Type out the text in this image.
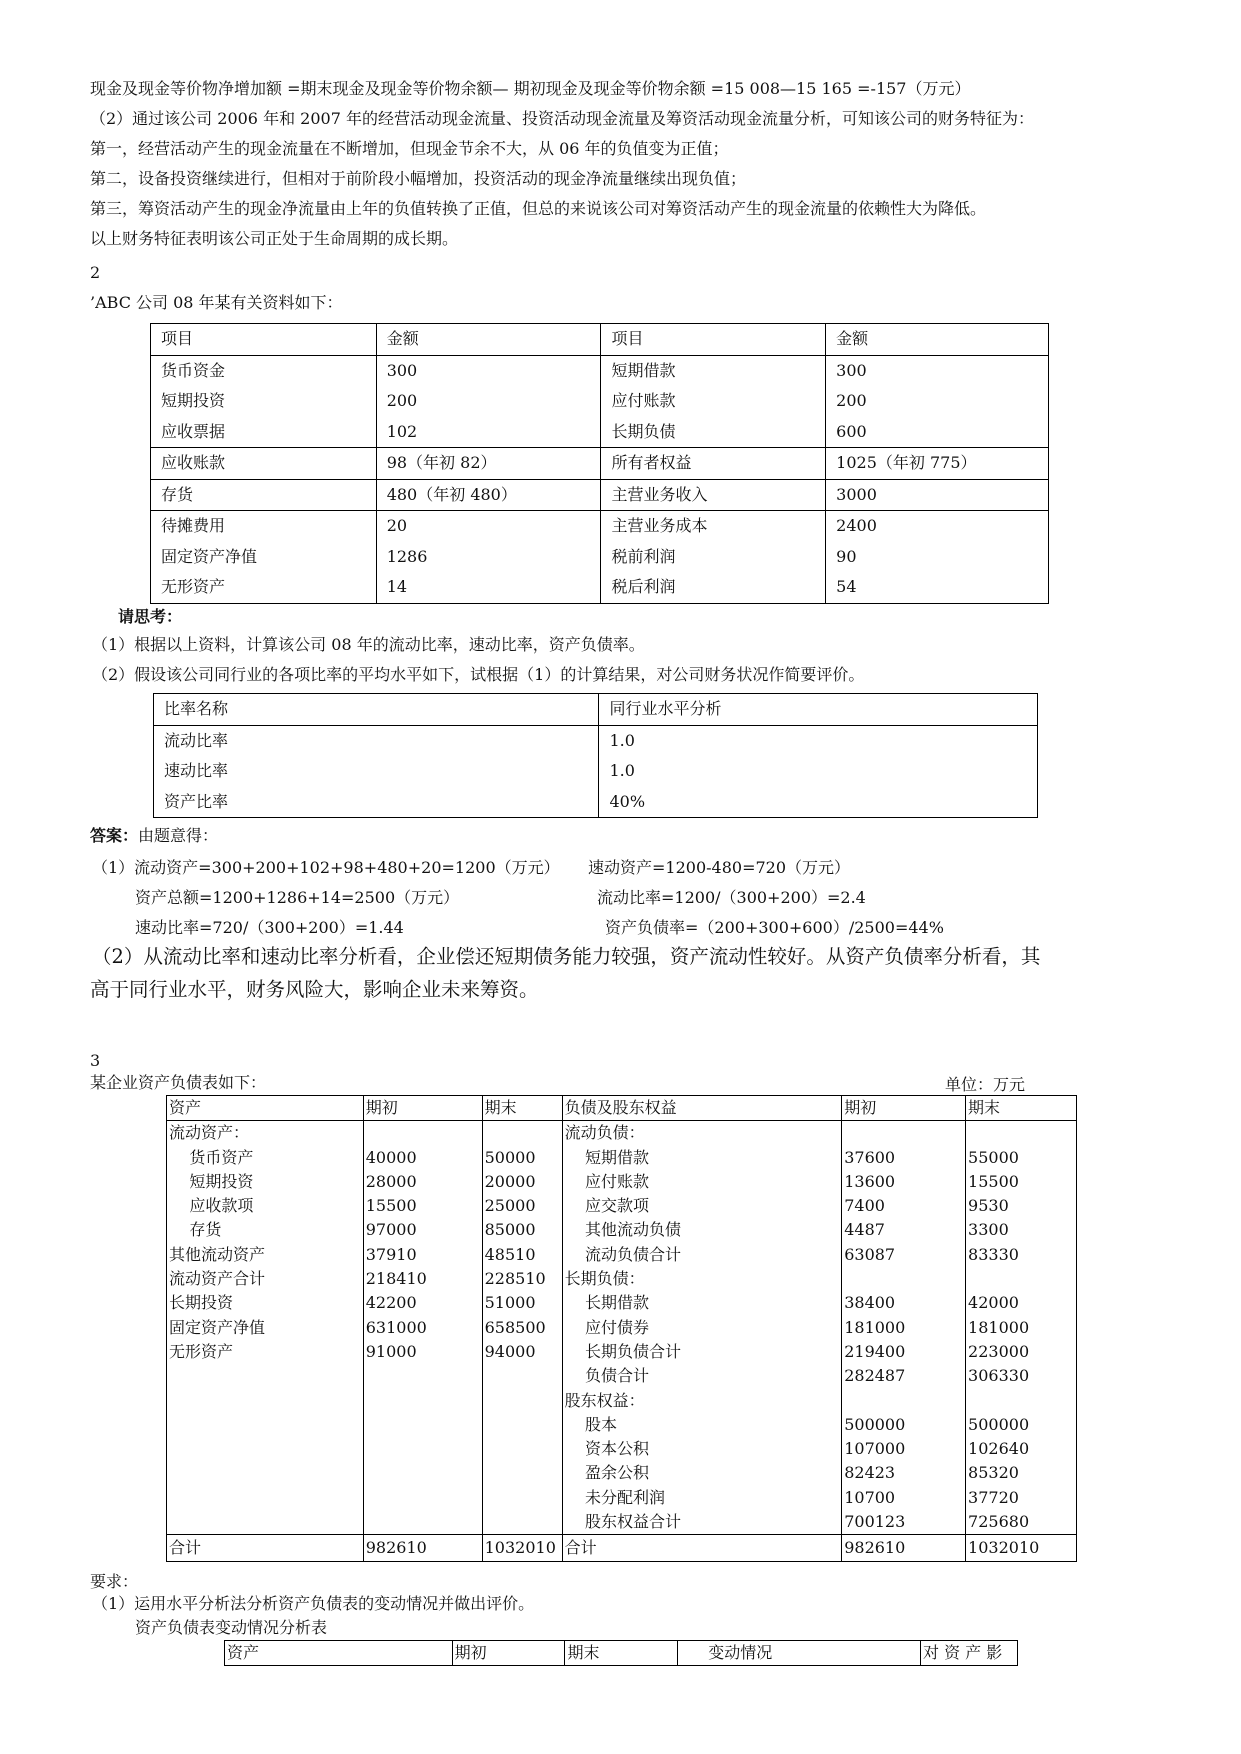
现金及现金等价物净增加额 =期末现金及现金等价物余额— 期初现金及现金等价物余额 =15 008—15 165 =-157（万元）
（2）通过该公司 2006 年和 2007 年的经营活动现金流量、投资活动现金流量及筹资活动现金流量分析，可知该公司的财务特征为：
第一，经营活动产生的现金流量在不断增加，但现金节余不大，从 06 年的负值变为正值；
第二，设备投资继续进行，但相对于前阶段小幅增加，投资活动的现金净流量继续出现负值；
第三，筹资活动产生的现金净流量由上年的负值转换了正值，但总的来说该公司对筹资活动产生的现金流量的依赖性大为降低。
以上财务特征表明该公司正处于生命周期的成长期。
2
’ABC 公司 08 年某有关资料如下：
项目	金额	项目	金额
货币资金	300	短期借款	300
短期投资	200	应付账款	200
应收票据	102	长期负债	600
应收账款	98（年初 82）	所有者权益	1025（年初 775）
存货	480（年初 480）	主营业务收入	3000
待摊费用	20	主营业务成本	2400
固定资产净值	1286	税前利润	90
无形资产	14	税后利润	54
请思考：
（1）根据以上资料，计算该公司 08 年的流动比率，速动比率，资产负债率。
（2）假设该公司同行业的各项比率的平均水平如下，试根据（1）的计算结果，对公司财务状况作简要评价。
比率名称	同行业水平分析
流动比率	1.0
速动比率	1.0
资产比率	40%
答案：由题意得：
（1）流动资产=300+200+102+98+480+20=1200（万元） 速动资产=1200-480=720（万元）
资产总额=1200+1286+14=2500（万元）	流动比率=1200/（300+200）=2.4
速动比率=720/（300+200）=1.44	资产负债率=（200+300+600）/2500=44%
（2）从流动比率和速动比率分析看，企业偿还短期债务能力较强，资产流动性较好。从资产负债率分析看，其
高于同行业水平，财务风险大，影响企业未来筹资。
3
某企业资产负债表如下：	单位：万元
资产	期初	期末	负债及股东权益	期初	期末
流动资产：			流动负债：		
货币资产	40000	50000	短期借款	37600	55000
短期投资	28000	20000	应付账款	13600	15500
应收款项	15500	25000	应交款项	7400	9530
存货	97000	85000	其他流动负债	4487	3300
其他流动资产	37910	48510	流动负债合计	63087	83330
流动资产合计	218410	228510	长期负债：		
长期投资	42200	51000	长期借款	38400	42000
固定资产净值	631000	658500	应付债券	181000	181000
无形资产	91000	94000	长期负债合计	219400	223000
			负债合计	282487	306330
			股东权益：		
			股本	500000	500000
			资本公积	107000	102640
			盈余公积	82423	85320
			未分配利润	10700	37720
			股东权益合计	700123	725680
合计	982610	1032010	合计	982610	1032010
要求：
（1）运用水平分析法分析资产负债表的变动情况并做出评价。
资产负债表变动情况分析表
资产	期初	期末	变动情况	对 资 产 影
